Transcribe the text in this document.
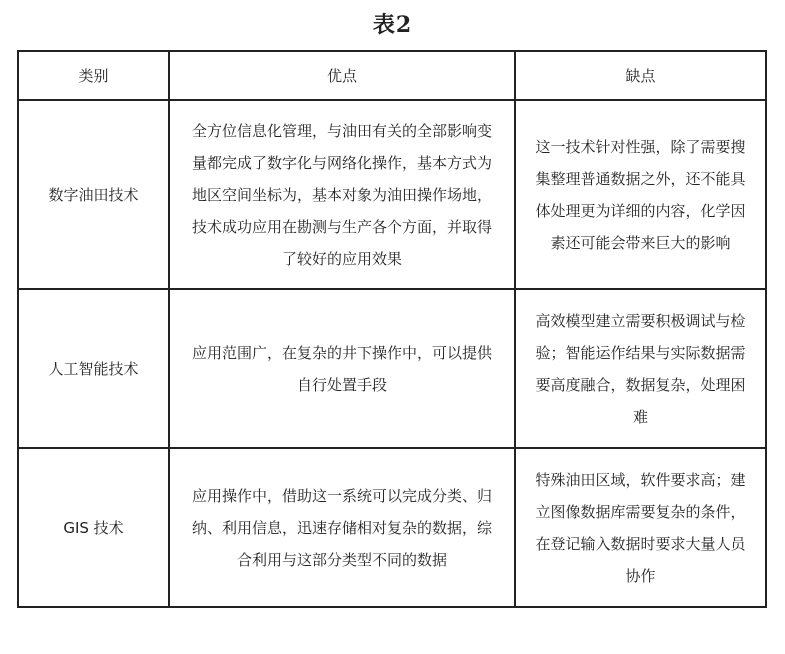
表2
类别	优点	缺点
数字油田技术	全方位信息化管理，与油田有关的全部影响变量都完成了数字化与网络化操作，基本方式为地区空间坐标为，基本对象为油田操作场地，技术成功应用在勘测与生产各个方面，并取得了较好的应用效果	这一技术针对性强，除了需要搜集整理普通数据之外，还不能具体处理更为详细的内容，化学因素还可能会带来巨大的影响
人工智能技术	应用范围广，在复杂的井下操作中，可以提供自行处置手段	高效模型建立需要积极调试与检验；智能运作结果与实际数据需要高度融合，数据复杂，处理困难
GIS 技术	应用操作中，借助这一系统可以完成分类、归纳、利用信息，迅速存储相对复杂的数据，综合利用与这部分类型不同的数据	特殊油田区域，软件要求高；建立图像数据库需要复杂的条件，在登记输入数据时要求大量人员协作
